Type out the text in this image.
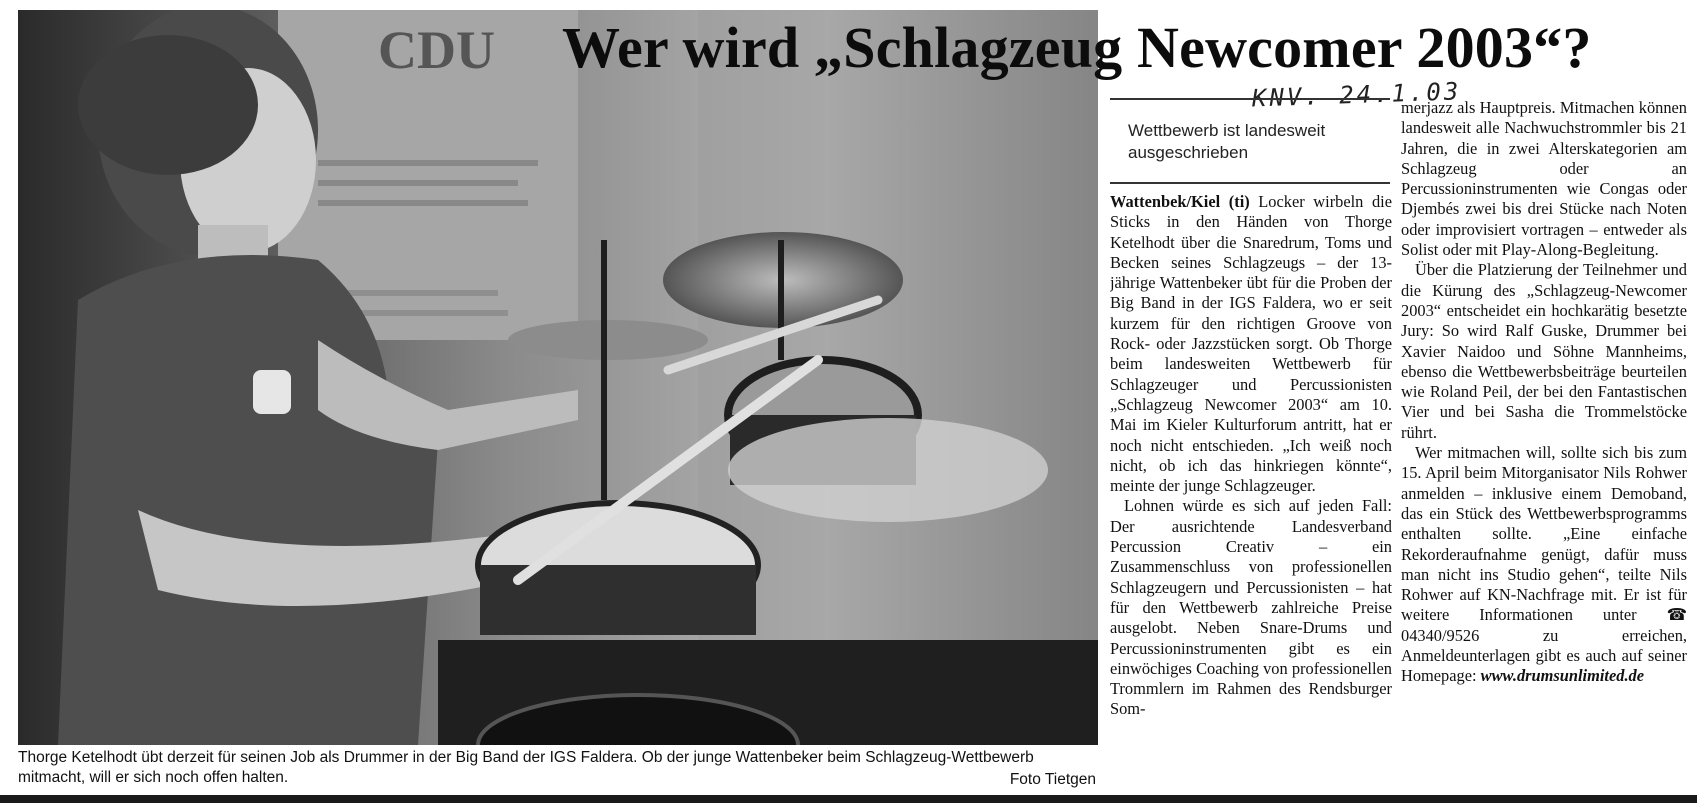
CDU Wer wird „Schlagzeug Newcomer 2003“?
KNV. 24.1.03
Wettbewerb ist landesweit ausgeschrieben

Wattenbek/Kiel (ti) Locker wirbeln die Sticks in den Händen von Thorge Ketelhodt über die Snaredrum, Toms und Becken seines Schlagzeugs – der 13-jährige Wattenbeker übt für die Proben der Big Band in der IGS Faldera, wo er seit kurzem für den richtigen Groove von Rock- oder Jazzstücken sorgt. Ob Thorge beim landesweiten Wettbewerb für Schlagzeuger und Percussionisten „Schlagzeug Newcomer 2003“ am 10. Mai im Kieler Kulturforum antritt, hat er noch nicht entschieden. „Ich weiß noch nicht, ob ich das hinkriegen könnte“, meinte der junge Schlagzeuger.

Lohnen würde es sich auf jeden Fall: Der ausrichtende Landesverband Percussion Creativ – ein Zusammenschluss von professionellen Schlagzeugern und Percussionisten – hat für den Wettbewerb zahlreiche Preise ausgelobt. Neben Snare-Drums und Percussioninstrumenten gibt es ein einwöchiges Coaching von professionellen Trommlern im Rahmen des Rendsburger Som-

merjazz als Hauptpreis. Mitmachen können landesweit alle Nachwuchstrommler bis 21 Jahren, die in zwei Alterskategorien am Schlagzeug oder an Percussioninstrumenten wie Congas oder Djembés zwei bis drei Stücke nach Noten oder improvisiert vortragen – entweder als Solist oder mit Play-Along-Begleitung.

Über die Platzierung der Teilnehmer und die Kürung des „Schlagzeug-Newcomer 2003“ entscheidet ein hochkarätig besetzte Jury: So wird Ralf Guske, Drummer bei Xavier Naidoo und Söhne Mannheims, ebenso die Wettbewerbsbeiträge beurteilen wie Roland Peil, der bei den Fantastischen Vier und bei Sasha die Trommelstöcke rührt.

Wer mitmachen will, sollte sich bis zum 15. April beim Mitorganisator Nils Rohwer anmelden – inklusive einem Demoband, das ein Stück des Wettbewerbsprogramms enthalten sollte. „Eine einfache Rekorderaufnahme genügt, dafür muss man nicht ins Studio gehen“, teilte Nils Rohwer auf KN-Nachfrage mit. Er ist für weitere Informationen unter ☎ 04340/9526 zu erreichen, Anmeldeunterlagen gibt es auch auf seiner Homepage: www.drumsunlimited.de

Thorge Ketelhodt übt derzeit für seinen Job als Drummer in der Big Band der IGS Faldera. Ob der junge Wattenbeker beim Schlagzeug-Wettbewerb mitmacht, will er sich noch offen halten.	Foto Tietgen
